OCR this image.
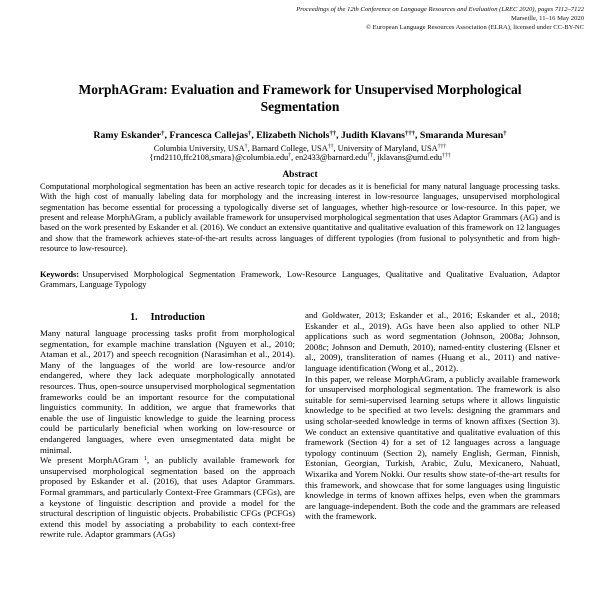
Proceedings of the 12th Conference on Language Resources and Evaluation (LREC 2020), pages 7112–7122
Marseille, 11–16 May 2020
© European Language Resources Association (ELRA), licensed under CC-BY-NC
MorphAGram: Evaluation and Framework for Unsupervised Morphological Segmentation
Ramy Eskander†, Francesca Callejas†, Elizabeth Nichols††, Judith Klavans†††, Smaranda Muresan†
Columbia University, USA†, Barnard College, USA††, University of Maryland, USA†††
{rnd2110,ffc2108,smara}@columbia.edu†, en2433@barnard.edu††, jklavans@umd.edu†††
Abstract

Computational morphological segmentation has been an active research topic for decades as it is beneficial for many natural language processing tasks. With the high cost of manually labeling data for morphology and the increasing interest in low-resource languages, unsupervised morphological segmentation has become essential for processing a typologically diverse set of languages, whether high-resource or low-resource. In this paper, we present and release MorphAGram, a publicly available framework for unsupervised morphological segmentation that uses Adaptor Grammars (AG) and is based on the work presented by Eskander et al. (2016). We conduct an extensive quantitative and qualitative evaluation of this framework on 12 languages and show that the framework achieves state-of-the-art results across languages of different typologies (from fusional to polysynthetic and from high-resource to low-resource).

Keywords: Unsupervised Morphological Segmentation Framework, Low-Resource Languages, Qualitative and Qualitative Evaluation, Adaptor Grammars, Language Typology

1. Introduction

Many natural language processing tasks profit from morphological segmentation, for example machine translation (Nguyen et al., 2010; Ataman et al., 2017) and speech recognition (Narasimhan et al., 2014). Many of the languages of the world are low-resource and/or endangered, where they lack adequate morphologically annotated resources. Thus, open-source unsupervised morphological segmentation frameworks could be an important resource for the computational linguistics community. In addition, we argue that frameworks that enable the use of linguistic knowledge to guide the learning process could be particularly beneficial when working on low-resource or endangered languages, where even unsegmentated data might be minimal.

We present MorphAGram $^1$, an publicly available framework for unsupervised morphological segmentation based on the approach proposed by Eskander et al. (2016), that uses Adaptor Grammars. Formal grammars, and particularly Context-Free Grammars (CFGs), are a keystone of linguistic description and provide a model for the structural description of linguistic objects. Probabilistic CFGs (PCFGs) extend this model by associating a probability to each context-free rewrite rule. Adaptor grammars (AGs)

and Goldwater, 2013; Eskander et al., 2016; Eskander et al., 2018; Eskander et al., 2019). AGs have been also applied to other NLP applications such as word segmentation (Johnson, 2008a; Johnson, 2008c; Johnson and Demuth, 2010), named-entity clustering (Elsner et al., 2009), transliteration of names (Huang et al., 2011) and native-language identification (Wong et al., 2012).

In this paper, we release MorphAGram, a publicly available framework for unsupervised morphological segmentation. The framework is also suitable for semi-supervised learning setups where it allows linguistic knowledge to be specified at two levels: designing the grammars and using scholar-seeded knowledge in terms of known affixes (Section 3). We conduct an extensive quantitative and qualitative evaluation of this framework (Section 4) for a set of 12 languages across a language typology continuum (Section 2), namely English, German, Finnish, Estonian, Georgian, Turkish, Arabic, Zulu, Mexicanero, Nahuatl, Wixarika and Yorem Nokki. Our results show state-of-the-art results for this framework, and showcase that for some languages using linguistic knowledge in terms of known affixes helps, even when the grammars are language-independent. Both the code and the grammars are released with the framework.
